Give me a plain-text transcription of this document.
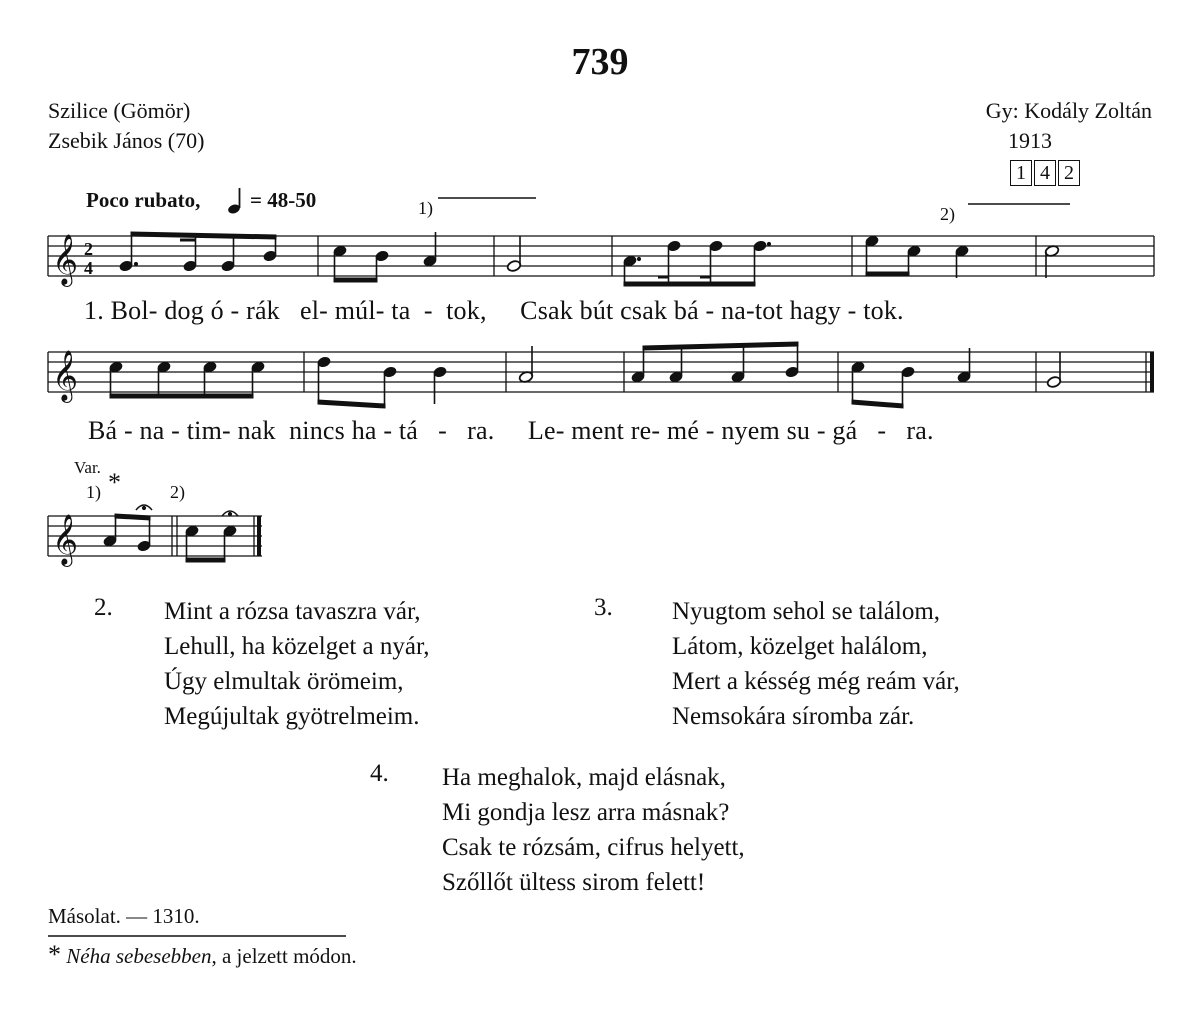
739
Szilice (Gömör)
Zsebik János (70)
Gy: Kodály Zoltán
1913
1 4 2
Poco rubato, = 48-50	1)	2)
𝄞 2
4
1. Bol- dog ó - rák   el- múl- ta  -  tok,     Csak bút csak bá - na-tot hagy - tok.
𝄞
Bá - na - tim- nak  nincs ha - tá   -   ra.     Le- ment re- mé - nyem su - gá   -   ra.
Var.
1) *	2)
𝄞
2. Mint a rózsa tavaszra vár,
Lehull, ha közelget a nyár,
Úgy elmultak örömeim,
Megújultak gyötrelmeim.
3. Nyugtom sehol se találom,
Látom, közelget halálom,
Mert a késség még reám vár,
Nemsokára síromba zár.
4. Ha meghalok, majd elásnak,
Mi gondja lesz arra másnak?
Csak te rózsám, cifrus helyett,
Szőllőt ültess sirom felett!
Másolat. — 1310.
* Néha sebesebben, a jelzett módon.
